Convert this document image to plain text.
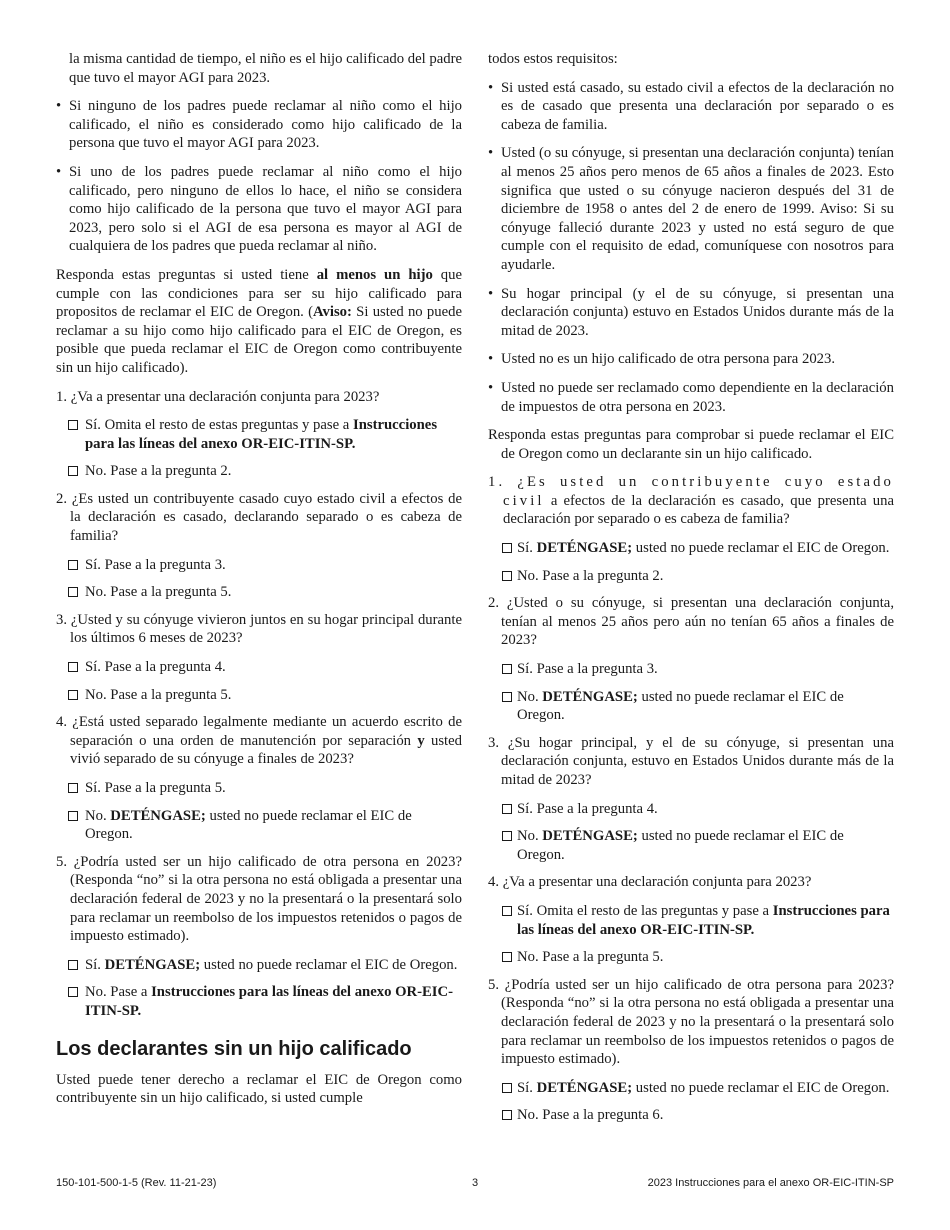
la misma cantidad de tiempo, el niño es el hijo calificado del padre que tuvo el mayor AGI para 2023.

• Si ninguno de los padres puede reclamar al niño como el hijo calificado, el niño es considerado como hijo calificado de la persona que tuvo el mayor AGI para 2023.

• Si uno de los padres puede reclamar al niño como el hijo calificado, pero ninguno de ellos lo hace, el niño se considera como hijo calificado de la persona que tuvo el mayor AGI para 2023, pero solo si el AGI de esa persona es mayor al AGI de cualquiera de los padres que pueda reclamar al niño.

Responda estas preguntas si usted tiene al menos un hijo que cumple con las condiciones para ser su hijo calificado para propositos de reclamar el EIC de Oregon. (Aviso: Si usted no puede reclamar a su hijo como hijo calificado para el EIC de Oregon, es posible que pueda reclamar el EIC de Oregon como contribuyente sin un hijo calificado).

1. ¿Va a presentar una declaración conjunta para 2023?

Sí. Omita el resto de estas preguntas y pase a Instrucciones para las líneas del anexo OR-EIC-ITIN-SP.
No. Pase a la pregunta 2.

2. ¿Es usted un contribuyente casado cuyo estado civil a efectos de la declaración es casado, declarando separado o es cabeza de familia?

Sí. Pase a la pregunta 3.
No. Pase a la pregunta 5.

3. ¿Usted y su cónyuge vivieron juntos en su hogar principal durante los últimos 6 meses de 2023?

Sí. Pase a la pregunta 4.
No. Pase a la pregunta 5.

4. ¿Está usted separado legalmente mediante un acuerdo escrito de separación o una orden de manutención por separación y usted vivió separado de su cónyuge a finales de 2023?

Sí. Pase a la pregunta 5.
No. DETÉNGASE; usted no puede reclamar el EIC de Oregon.

5. ¿Podría usted ser un hijo calificado de otra persona en 2023? (Responda “no” si la otra persona no está obligada a presentar una declaración federal de 2023 y no la presentará o la presentará solo para reclamar un reembolso de los impuestos retenidos o pagos de impuesto estimado).

Sí. DETÉNGASE; usted no puede reclamar el EIC de Oregon.
No. Pase a Instrucciones para las líneas del anexo OR-EIC-ITIN-SP.
Los declarantes sin un hijo calificado

Usted puede tener derecho a reclamar el EIC de Oregon como contribuyente sin un hijo calificado, si usted cumple

todos estos requisitos:

• Si usted está casado, su estado civil a efectos de la declaración no es de casado que presenta una declaración por separado o es cabeza de familia.

• Usted (o su cónyuge, si presentan una declaración conjunta) tenían al menos 25 años pero menos de 65 años a finales de 2023. Esto significa que usted o su cónyuge nacieron después del 31 de diciembre de 1958 o antes del 2 de enero de 1999. Aviso: Si su cónyuge falleció durante 2023 y usted no está seguro de que cumple con el requisito de edad, comuníquese con nosotros para ayudarle.

• Su hogar principal (y el de su cónyuge, si presentan una declaración conjunta) estuvo en Estados Unidos durante más de la mitad de 2023.

• Usted no es un hijo calificado de otra persona para 2023.

• Usted no puede ser reclamado como dependiente en la declaración de impuestos de otra persona en 2023.

Responda estas preguntas para comprobar si puede reclamar el EIC de Oregon como un declarante sin un hijo calificado.

1. ¿Es usted un contribuyente cuyo estado civil a efectos de la declaración es casado, que presenta una declaración por separado o es cabeza de familia?

Sí. DETÉNGASE; usted no puede reclamar el EIC de Oregon.
No. Pase a la pregunta 2.

2. ¿Usted o su cónyuge, si presentan una declaración conjunta, tenían al menos 25 años pero aún no tenían 65 años a finales de 2023?

Sí. Pase a la pregunta 3.
No. DETÉNGASE; usted no puede reclamar el EIC de Oregon.

3. ¿Su hogar principal, y el de su cónyuge, si presentan una declaración conjunta, estuvo en Estados Unidos durante más de la mitad de 2023?

Sí. Pase a la pregunta 4.
No. DETÉNGASE; usted no puede reclamar el EIC de Oregon.

4. ¿Va a presentar una declaración conjunta para 2023?

Sí. Omita el resto de las preguntas y pase a Instrucciones para las líneas del anexo OR-EIC-ITIN-SP.
No. Pase a la pregunta 5.

5. ¿Podría usted ser un hijo calificado de otra persona para 2023? (Responda “no” si la otra persona no está obligada a presentar una declaración federal de 2023 y no la presentará o la presentará solo para reclamar un reembolso de los impuestos retenidos o pagos de impuesto estimado).

Sí. DETÉNGASE; usted no puede reclamar el EIC de Oregon.
No. Pase a la pregunta 6.
150-101-500-1-5 (Rev. 11-21-23)	3	2023 Instrucciones para el anexo OR-EIC-ITIN-SP
